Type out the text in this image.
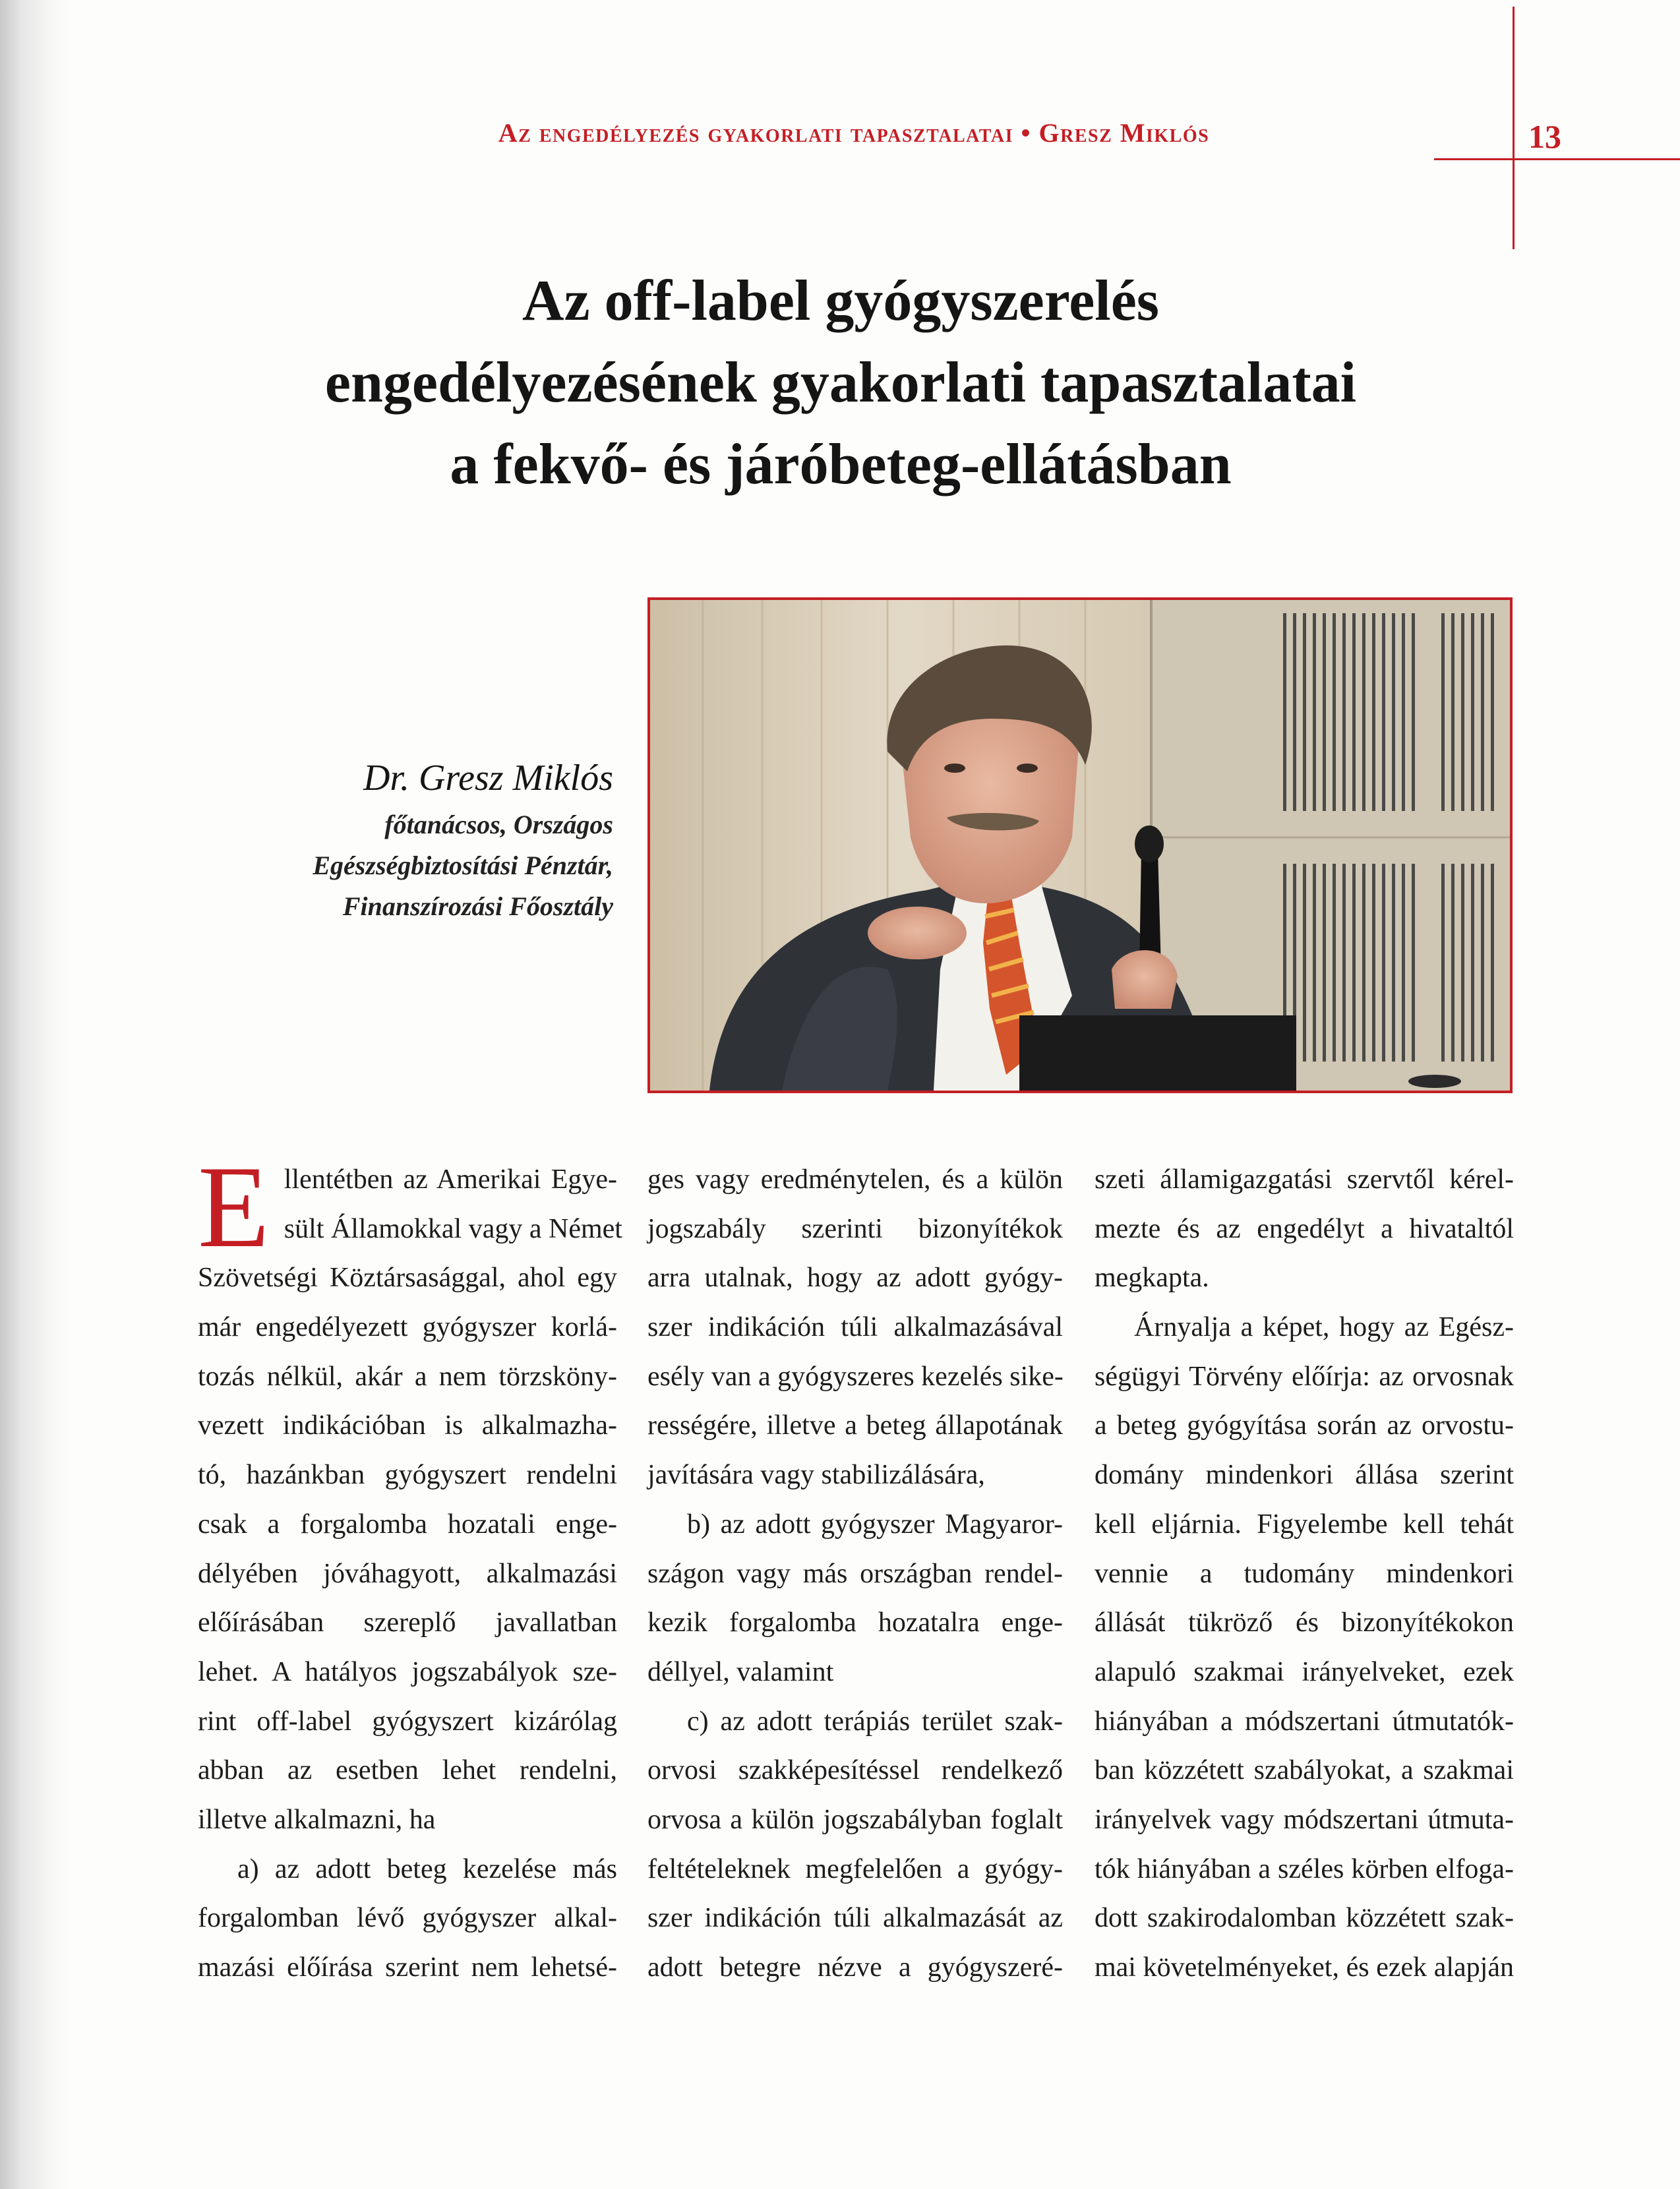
Az engedélyezés gyakorlati tapasztalatai • Gresz Miklós	13
Az off-label gyógyszerelés
engedélyezésének gyakorlati tapasztalatai
a fekvő- és járóbeteg-ellátásban
Dr. Gresz Miklós
főtanácsos, Országos
Egészségbiztosítási Pénztár,
Finanszírozási Főosztály
E llentétben az Amerikai Egye-
sült Államokkal vagy a Német
Szövetségi Köztársasággal, ahol egy
már engedélyezett gyógyszer korlá-
tozás nélkül, akár a nem törzsköny-
vezett indikációban is alkalmazha-
tó, hazánkban gyógyszert rendelni
csak a forgalomba hozatali enge-
délyében jóváhagyott, alkalmazási
előírásában szereplő javallatban
lehet. A hatályos jogszabályok sze-
rint off-label gyógyszert kizárólag
abban az esetben lehet rendelni,
illetve alkalmazni, ha
a) az adott beteg kezelése más
forgalomban lévő gyógyszer alkal-
mazási előírása szerint nem lehetsé-
ges vagy eredménytelen, és a külön
jogszabály szerinti bizonyítékok
arra utalnak, hogy az adott gyógy-
szer indikáción túli alkalmazásával
esély van a gyógyszeres kezelés sike-
rességére, illetve a beteg állapotának
javítására vagy stabilizálására,
b) az adott gyógyszer Magyaror-
szágon vagy más országban rendel-
kezik forgalomba hozatalra enge-
déllyel, valamint
c) az adott terápiás terület szak-
orvosi szakképesítéssel rendelkező
orvosa a külön jogszabályban foglalt
feltételeknek megfelelően a gyógy-
szer indikáción túli alkalmazását az
adott betegre nézve a gyógyszeré-
szeti államigazgatási szervtől kérel-
mezte és az engedélyt a hivataltól
megkapta.
Árnyalja a képet, hogy az Egész-
ségügyi Törvény előírja: az orvosnak
a beteg gyógyítása során az orvostu-
domány mindenkori állása szerint
kell eljárnia. Figyelembe kell tehát
vennie a tudomány mindenkori
állását tükröző és bizonyítékokon
alapuló szakmai irányelveket, ezek
hiányában a módszertani útmutatók-
ban közzétett szabályokat, a szakmai
irányelvek vagy módszertani útmuta-
tók hiányában a széles körben elfoga-
dott szakirodalomban közzétett szak-
mai követelményeket, és ezek alapján
